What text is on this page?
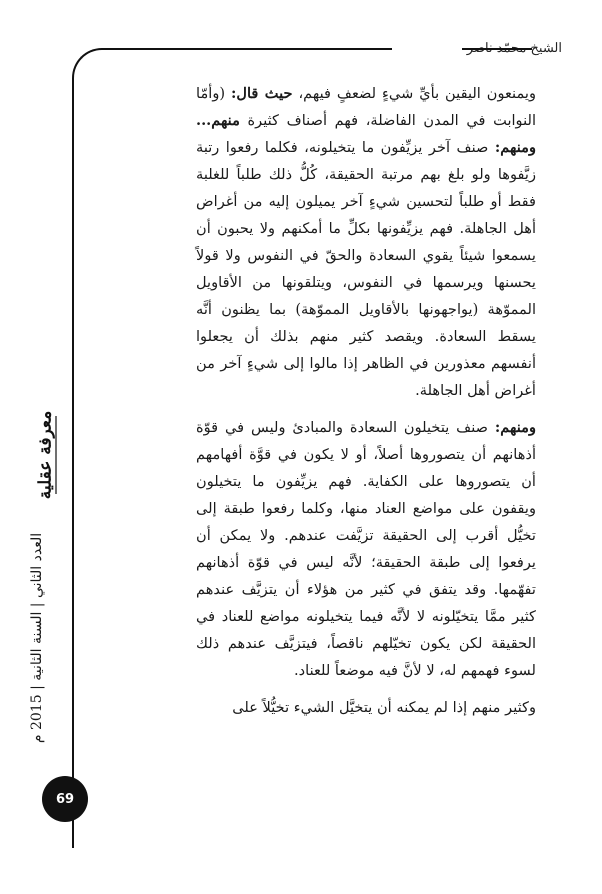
الشيخ محمّد ناصر

ويمنعون اليقين بأيِّ شيءٍ لضعفٍ فيهم، حيث قال: (وأمّا النوابت في المدن الفاضلة، فهم أصناف كثيرة منهم... ومنهم: صنف آخر يزيِّفون ما يتخيلونه، فكلما رفعوا رتبة زيَّفوها ولو بلغ بهم مرتبة الحقيقة، كُلُّ ذلك طلباً للغلبة فقط أو طلباً لتحسين شيءٍ آخر يميلون إليه من أغراض أهل الجاهلة. فهم يزيِّفونها بكلِّ ما أمكنهم ولا يحبون أن يسمعوا شيئاً يقوي السعادة والحقّ في النفوس ولا قولاً يحسنها ويرسمها في النفوس، ويتلقونها من الأقاويل المموّهة (يواجهونها بالأقاويل المموّهة) بما يظنون أنَّه يسقط السعادة. ويقصد كثير منهم بذلك أن يجعلوا أنفسهم معذورين في الظاهر إذا مالوا إلى شيءٍ آخر من أغراض أهل الجاهلة.

ومنهم: صنف يتخيلون السعادة والمبادئ وليس في قوّة أذهانهم أن يتصوروها أصلاً، أو لا يكون في قوَّة أفهامهم أن يتصوروها على الكفاية. فهم يزيِّفون ما يتخيلون ويقفون على مواضع العناد منها، وكلما رفعوا طبقة إلى تخيُّل أقرب إلى الحقيقة تزيَّفت عندهم. ولا يمكن أن يرفعوا إلى طبقة الحقيقة؛ لأنَّه ليس في قوّة أذهانهم تفهّمها. وقد يتفق في كثير من هؤلاء أن يتزيَّف عندهم كثير ممَّا يتخيّلونه لا لأنَّه فيما يتخيلونه مواضع للعناد في الحقيقة لكن يكون تخيّلهم ناقصاً، فيتزيَّف عندهم ذلك لسوء فهمهم له، لا لأنَّ فيه موضعاً للعناد.

وكثير منهم إذا لم يمكنه أن يتخيَّل الشيء تخيُّلاً على

معرفة عقلية
العدد الثاني | السنة الثانية | 2015 م
69
